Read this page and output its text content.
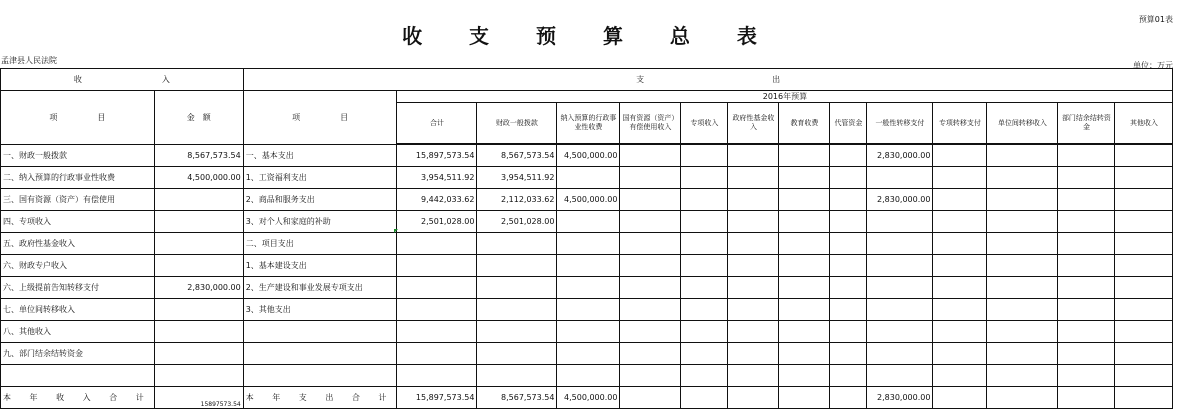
收 支 预 算 总 表
预算01表
孟津县人民法院
单位：万元
收　　　　　　　　　　入		支　　　　　　　　　　　　　　　　出													
项　　　　　目	金　额	项　　　　　目	2016年预算												
			合计	财政一般拨款	纳入预算的行政事业性收费	国有资源（资产）有偿使用收入	专项收入	政府性基金收入	教育收费	代管资金	一般性转移支付	专项转移支付	单位间转移收入	部门结余结转资金	其他收入

一、财政一般拨款	8,567,573.54	一、基本支出	15,897,573.54	8,567,573.54	4,500,000.00						2,830,000.00				
二、纳入预算的行政事业性收费	4,500,000.00	1、工资福利支出	3,954,511.92	3,954,511.92											
三、国有资源（资产）有偿使用		2、商品和服务支出	9,442,033.62	2,112,033.62	4,500,000.00						2,830,000.00				
四、专项收入		3、对个人和家庭的补助	2,501,028.00	2,501,028.00											
五、政府性基金收入		二、项目支出													
六、财政专户收入		1、基本建设支出													
六、上级提前告知转移支付	2,830,000.00	2、生产建设和事业发展专项支出													
七、单位间转移收入		3、其他支出													
八、其他收入															
九、部门结余结转资金															

本 年 收 入 合 计	15897573.54	本 年 支 出 合 计	15,897,573.54	8,567,573.54	4,500,000.00						2,830,000.00				
